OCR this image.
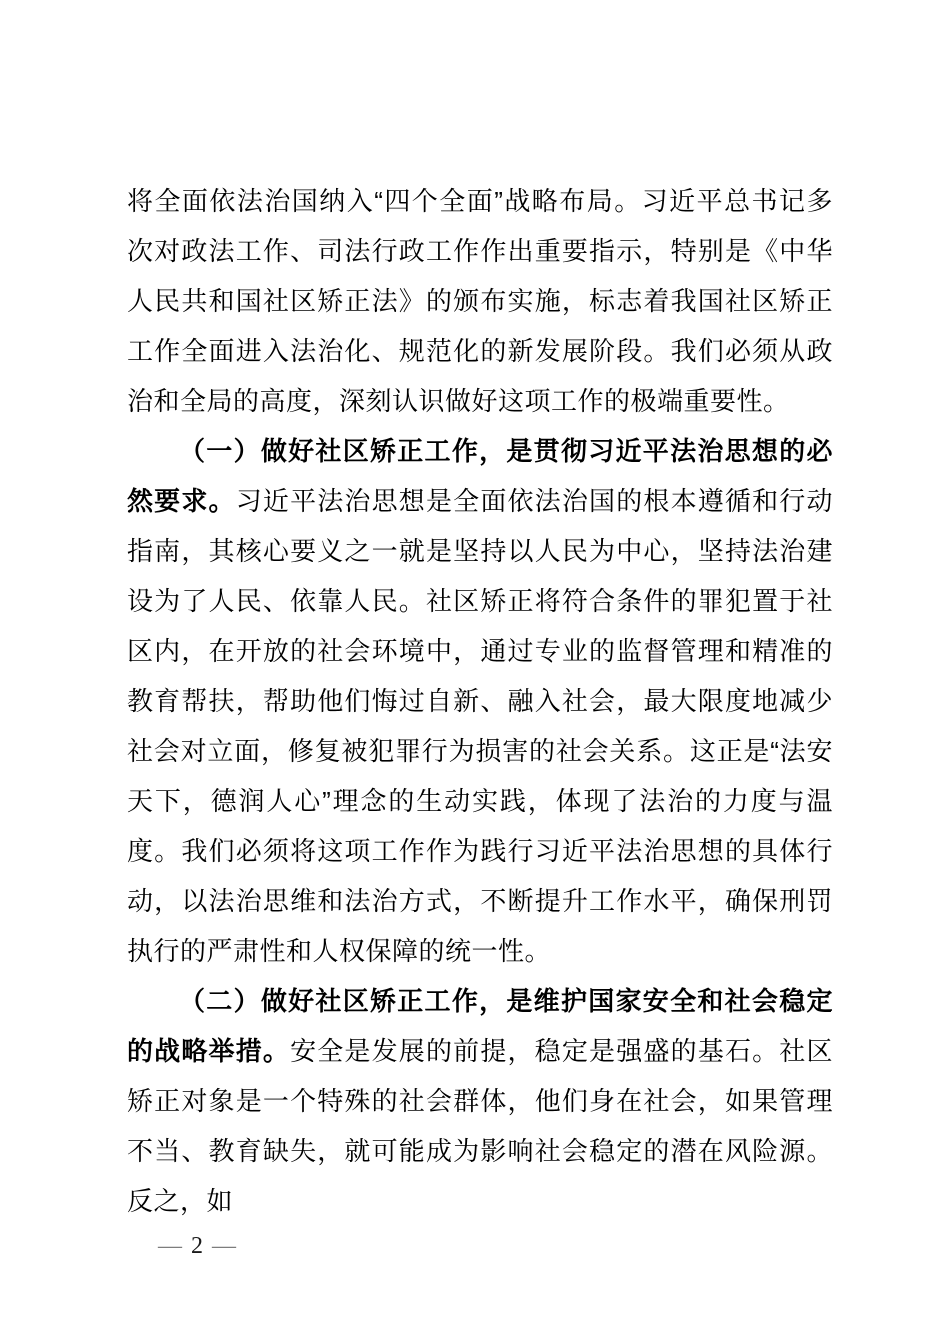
将全面依法治国纳入“四个全面”战略布局。习近平总书记多次对政法工作、司法行政工作作出重要指示，特别是《中华人民共和国社区矫正法》的颁布实施，标志着我国社区矫正工作全面进入法治化、规范化的新发展阶段。我们必须从政治和全局的高度，深刻认识做好这项工作的极端重要性。

（一）做好社区矫正工作，是贯彻习近平法治思想的必然要求。习近平法治思想是全面依法治国的根本遵循和行动指南，其核心要义之一就是坚持以人民为中心，坚持法治建设为了人民、依靠人民。社区矫正将符合条件的罪犯置于社区内，在开放的社会环境中，通过专业的监督管理和精准的教育帮扶，帮助他们悔过自新、融入社会，最大限度地减少社会对立面，修复被犯罪行为损害的社会关系。这正是“法安天下，德润人心”理念的生动实践，体现了法治的力度与温度。我们必须将这项工作作为践行习近平法治思想的具体行动，以法治思维和法治方式，不断提升工作水平，确保刑罚执行的严肃性和人权保障的统一性。

（二）做好社区矫正工作，是维护国家安全和社会稳定的战略举措。安全是发展的前提，稳定是强盛的基石。社区矫正对象是一个特殊的社会群体，他们身在社会，如果管理不当、教育缺失，就可能成为影响社会稳定的潜在风险源。反之，如

— 2 —
